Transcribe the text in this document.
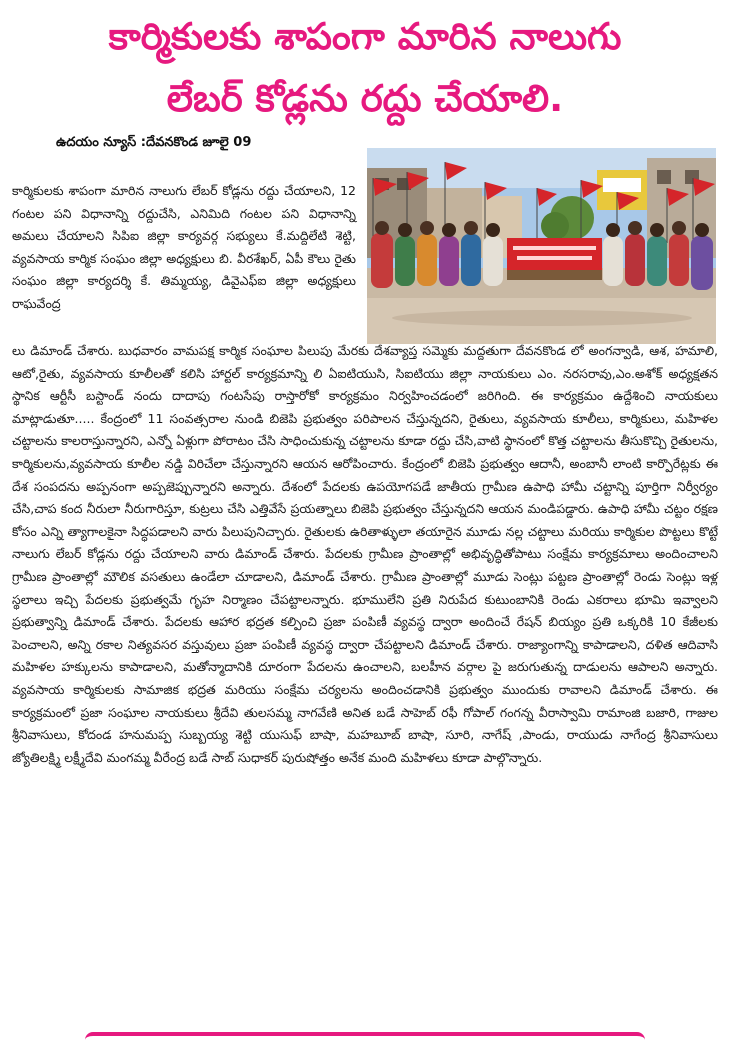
కార్మికులకు శాపంగా మారిన నాలుగు
లేబర్ కోడ్లను రద్దు చేయాలి.
ఉదయం న్యూస్ :దేవనకొండ జూలై 09

కార్మికులకు శాపంగా మారిన నాలుగు లేబర్ కోడ్లను రద్దు చేయాలని, 12 గంటల పని విధానాన్ని రద్దుచేసి, ఎనిమిది గంటల పని విధానాన్ని అమలు చేయాలని సిపిఐ జిల్లా కార్యవర్గ సభ్యులు కే.మద్దిలేటి శెట్టి, వ్యవసాయ కార్మిక సంఘం జిల్లా అధ్యక్షులు బి. వీరశేఖర్, ఏపీ కౌలు రైతు సంఘం జిల్లా కార్యదర్శి కే. తిమ్మయ్య, డివైఎఫ్ఐ జిల్లా అధ్యక్షులు రాఘవేంద్ర

లు డిమాండ్ చేశారు. బుధవారం వామపక్ష కార్మిక సంఘాల పిలుపు మేరకు దేశవ్యాప్త సమ్మెకు మద్దతుగా దేవనకొండ లో అంగన్వాడి, ఆశ, హమాలి, ఆటో,రైతు, వ్యవసాయ కూలీలతో కలిసి హార్టల్ కార్యక్రమాన్ని లి ఏఐటియుసి, సిఐటియు జిల్లా నాయకులు ఎం. నరసరావు,ఎం.అశోక్ అధ్యక్షతన స్థానిక ఆర్టీసీ బస్టాండ్ నందు దాదాపు గంటసేపు రాస్తారోకో కార్యక్రమం నిర్వహించడంలో జరిగింది. ఈ కార్యక్రమం ఉద్దేశించి నాయకులు మాట్లాడుతూ..... కేంద్రంలో 11 సంవత్సరాల నుండి బిజెపి ప్రభుత్వం పరిపాలన చేస్తున్నదని, రైతులు, వ్యవసాయ కూలీలు, కార్మికులు, మహిళల చట్టాలను కాలరాస్తున్నారని, ఎన్నో ఏళ్లుగా పోరాటం చేసి సాధించుకున్న చట్టాలను కూడా రద్దు చేసి,వాటి స్థానంలో కొత్త చట్టాలను తీసుకొచ్చి రైతులను, కార్మికులను,వ్యవసాయ కూలీల నడ్డి విరిచేలా చేస్తున్నారని ఆయన ఆరోపించారు. కేంద్రంలో బిజెపి ప్రభుత్వం ఆదానీ, అంబానీ లాంటి కార్పొరేట్లకు ఈ దేశ సంపదను అప్పనంగా అప్పజెప్పున్నారని అన్నారు. దేశంలో పేదలకు ఉపయోగపడే జాతీయ గ్రామీణ ఉపాధి హామీ చట్టాన్ని పూర్తిగా నిర్వీర్యం చేసి,చాప కంద నీరులా నీరుగారిస్తూ, కుట్రలు చేసి ఎత్తివేసే ప్రయత్నాలు బిజెపి ప్రభుత్వం చేస్తున్నదని ఆయన మండిపడ్డారు. ఉపాధి హామీ చట్టం రక్షణ కోసం ఎన్ని త్యాగాలకైనా సిద్ధపడాలని వారు పిలుపునిచ్చారు. రైతులకు ఉరితాళ్ళులా తయారైన మూడు నల్ల చట్టాలు మరియు కార్మికుల పొట్టలు కొట్టే నాలుగు లేబర్ కోడ్లను రద్దు చేయాలని వారు డిమాండ్ చేశారు. పేదలకు గ్రామీణ ప్రాంతాల్లో అభివృద్ధితోపాటు సంక్షేమ కార్యక్రమాలు అందించాలని గ్రామీణ ప్రాంతాల్లో మౌలిక వసతులు ఉండేలా చూడాలని, డిమాండ్ చేశారు. గ్రామీణ ప్రాంతాల్లో మూడు సెంట్లు పట్టణ ప్రాంతాల్లో రెండు సెంట్లు ఇళ్ల స్థలాలు ఇచ్చి పేదలకు ప్రభుత్వమే గృహ నిర్మాణం చేపట్టాలన్నారు. భూములేని ప్రతి నిరుపేద కుటుంబానికి రెండు ఎకరాలు భూమి ఇవ్వాలని ప్రభుత్వాన్ని డిమాండ్ చేశారు. పేదలకు ఆహార భద్రత కల్పించి ప్రజా పంపిణీ వ్యవస్థ ద్వారా అందించే రేషన్ బియ్యం ప్రతి ఒక్కరికి 10 కేజీలకు పెంచాలని, అన్ని రకాల నిత్యవసర వస్తువులు ప్రజా పంపిణీ వ్యవస్థ ద్వారా చేపట్టాలని డిమాండ్ చేశారు. రాజ్యాంగాన్ని కాపాడాలని, దళిత ఆదివాసి మహిళల హక్కులను కాపాడాలని, మతోన్మాదానికి దూరంగా పేదలను ఉంచాలని, బలహీన వర్గాల పై జరుగుతున్న దాడులను ఆపాలని అన్నారు. వ్యవసాయ కార్మికులకు సామాజిక భద్రత మరియు సంక్షేమ చర్యలను అందించడానికి ప్రభుత్వం ముందుకు రావాలని డిమాండ్ చేశారు. ఈ కార్యక్రమంలో ప్రజా సంఘాల నాయకులు శ్రీదేవి తులసమ్మ నాగవేణి అనిత బడే సాహెబ్ రఫీ గోపాల్ గంగన్న వీరాస్వామి రామాంజి బజారి, గాజుల శ్రీనివాసులు, కోదండ హనుమప్ప సుబ్బయ్య శెట్టి యుసుఫ్ బాషా, మహబూబ్ బాషా, సూరి, నాగేష్ ,పాండు, రాయుడు నాగేంద్ర శ్రీనివాసులు జ్యోతిలక్ష్మి లక్ష్మీదేవి మంగమ్మ వీరేంద్ర బడే సాబ్ సుధాకర్ పురుషోత్తం అనేక మంది మహిళలు కూడా పాల్గొన్నారు.
